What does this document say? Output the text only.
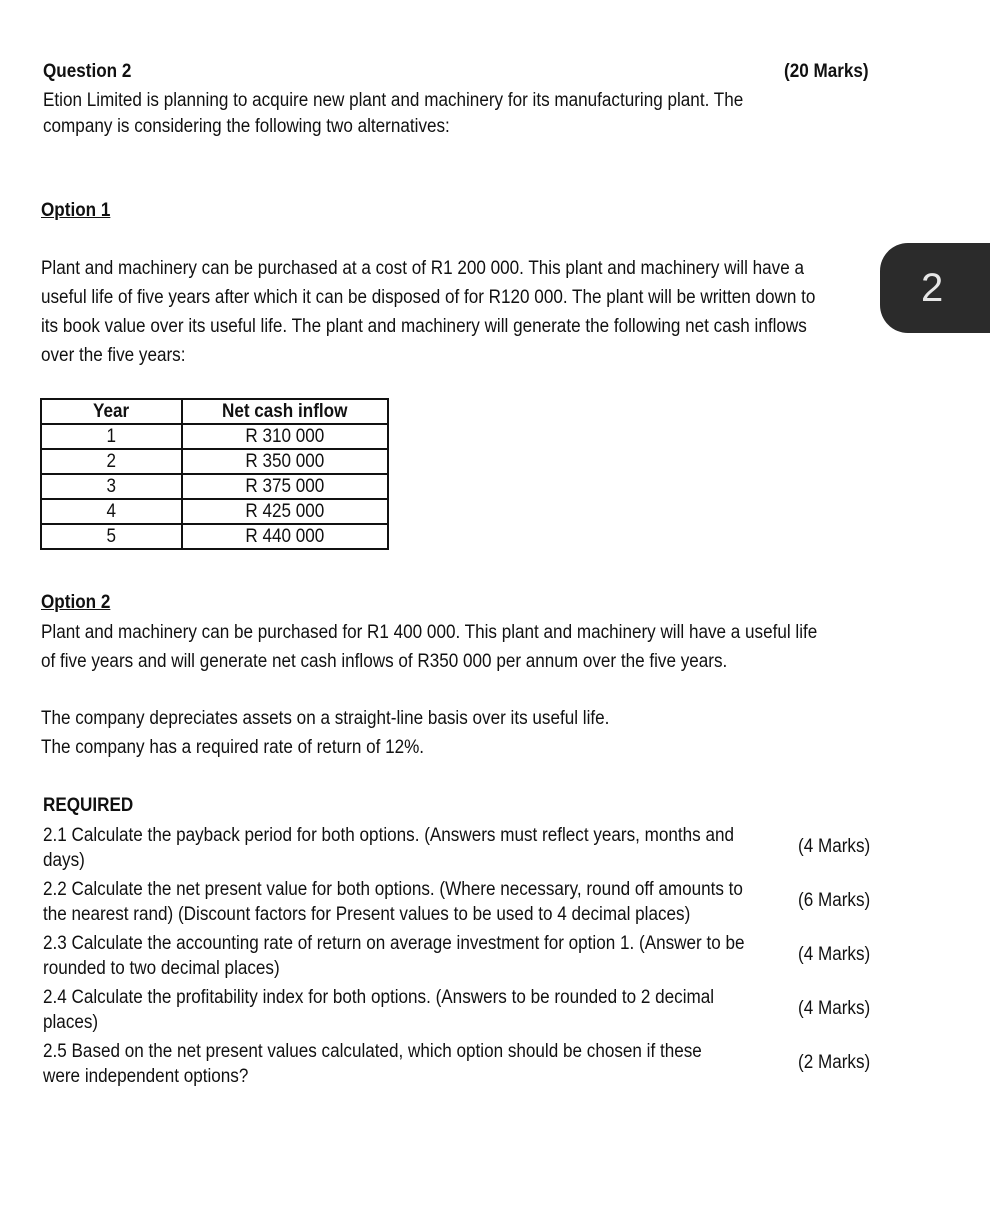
Question 2	(20 Marks)
Etion Limited is planning to acquire new plant and machinery for its manufacturing plant. The
company is considering the following two alternatives:
Option 1
Plant and machinery can be purchased at a cost of R1 200 000. This plant and machinery will have a
useful life of five years after which it can be disposed of for R120 000. The plant will be written down to
its book value over its useful life. The plant and machinery will generate the following net cash inflows
over the five years:
2
Year	Net cash inflow
1	R 310 000
2	R 350 000
3	R 375 000
4	R 425 000
5	R 440 000
Option 2
Plant and machinery can be purchased for R1 400 000. This plant and machinery will have a useful life
of five years and will generate net cash inflows of R350 000 per annum over the five years.
The company depreciates assets on a straight-line basis over its useful life.
The company has a required rate of return of 12%.
REQUIRED
2.1 Calculate the payback period for both options. (Answers must reflect years, months and
days)
(4 Marks)
2.2 Calculate the net present value for both options. (Where necessary, round off amounts to
the nearest rand) (Discount factors for Present values to be used to 4 decimal places)
(6 Marks)
2.3 Calculate the accounting rate of return on average investment for option 1. (Answer to be
rounded to two decimal places)
(4 Marks)
2.4 Calculate the profitability index for both options. (Answers to be rounded to 2 decimal
places)
(4 Marks)
2.5 Based on the net present values calculated, which option should be chosen if these
were independent options?
(2 Marks)
